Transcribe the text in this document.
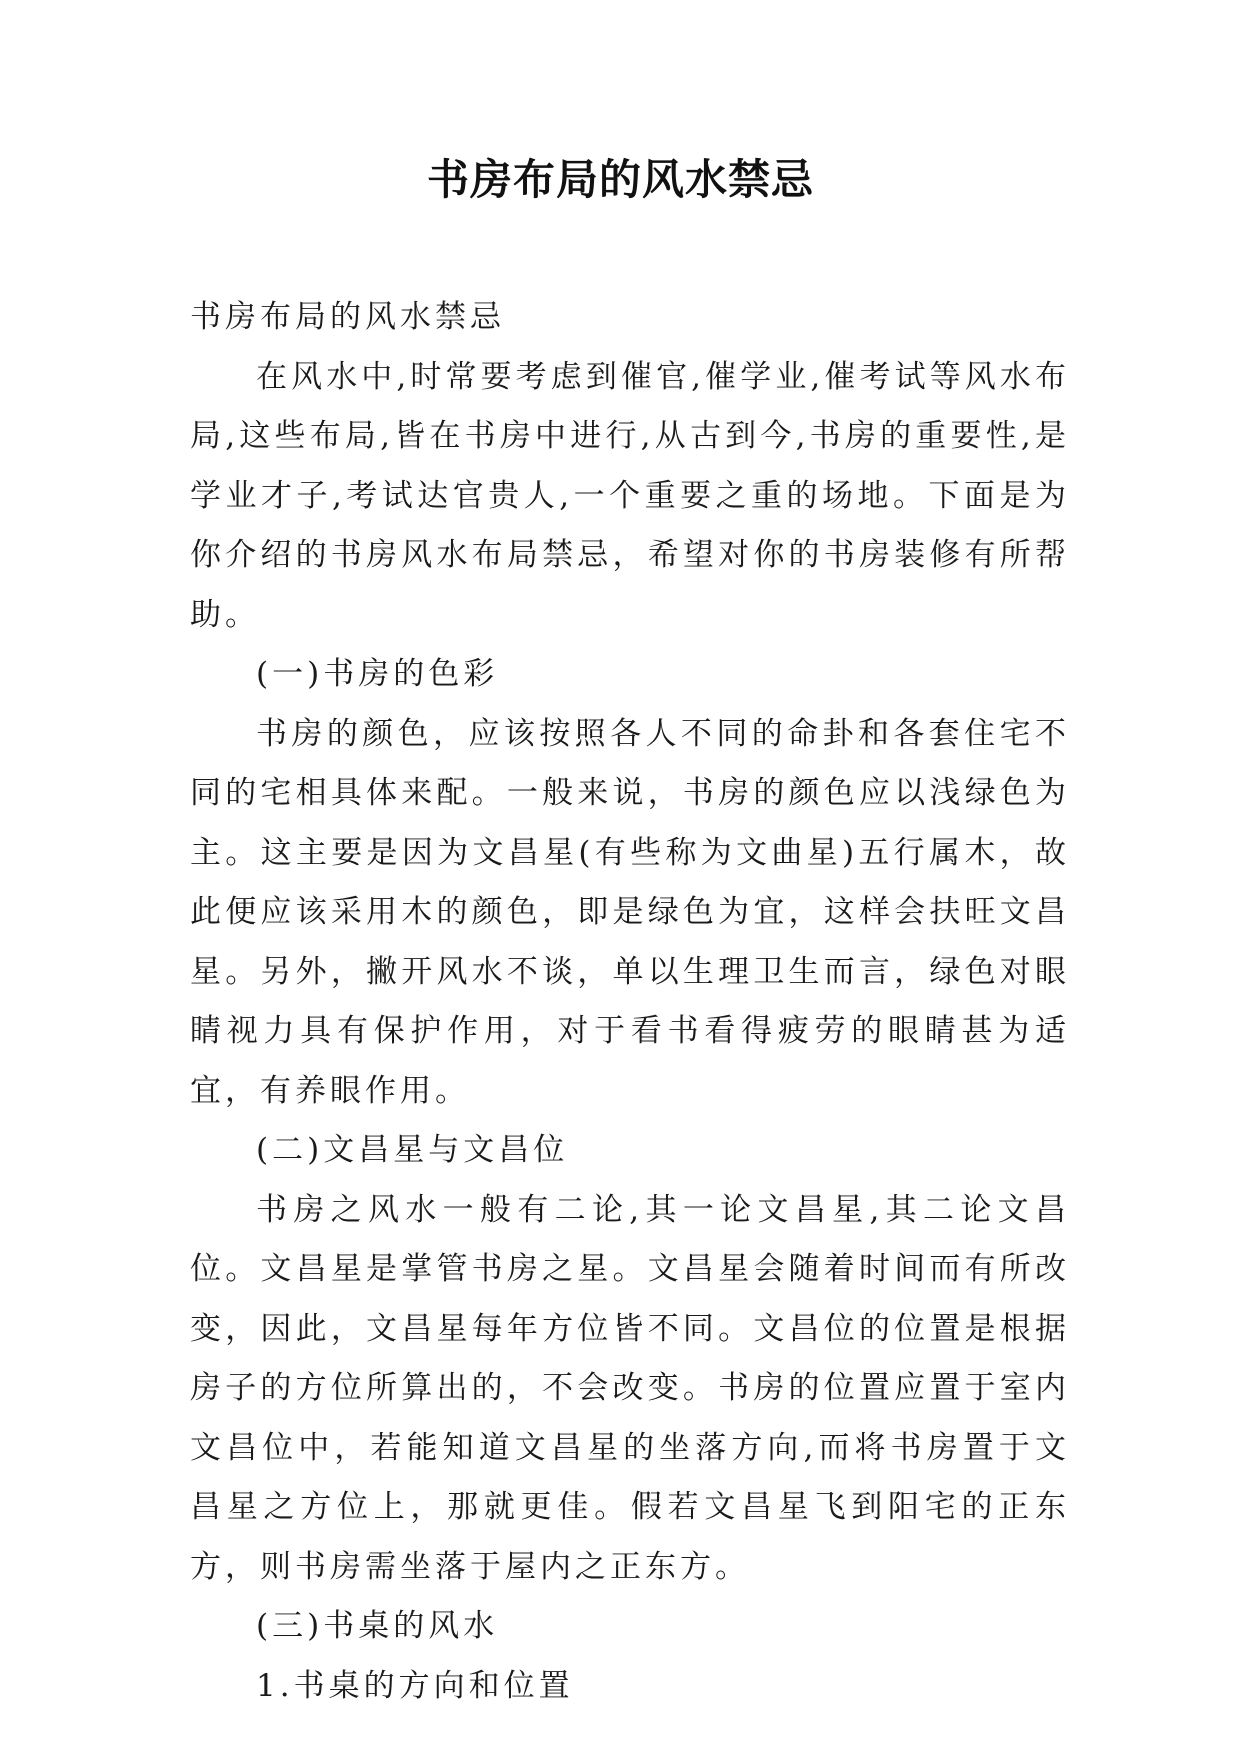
书房布局的风水禁忌

书房布局的风水禁忌

在风水中,时常要考虑到催官,催学业,催考试等风水布局,这些布局,皆在书房中进行,从古到今,书房的重要性,是学业才子,考试达官贵人,一个重要之重的场地。下面是为你介绍的书房风水布局禁忌，希望对你的书房装修有所帮助。

(一)书房的色彩

书房的颜色，应该按照各人不同的命卦和各套住宅不同的宅相具体来配。一般来说，书房的颜色应以浅绿色为主。这主要是因为文昌星(有些称为文曲星)五行属木，故此便应该采用木的颜色，即是绿色为宜，这样会扶旺文昌星。另外，撇开风水不谈，单以生理卫生而言，绿色对眼睛视力具有保护作用，对于看书看得疲劳的眼睛甚为适宜，有养眼作用。

(二)文昌星与文昌位

书房之风水一般有二论,其一论文昌星,其二论文昌位。文昌星是掌管书房之星。文昌星会随着时间而有所改变，因此，文昌星每年方位皆不同。文昌位的位置是根据房子的方位所算出的，不会改变。书房的位置应置于室内文昌位中，若能知道文昌星的坐落方向,而将书房置于文昌星之方位上，那就更佳。假若文昌星飞到阳宅的正东方，则书房需坐落于屋内之正东方。

(三)书桌的风水

1.书桌的方向和位置
